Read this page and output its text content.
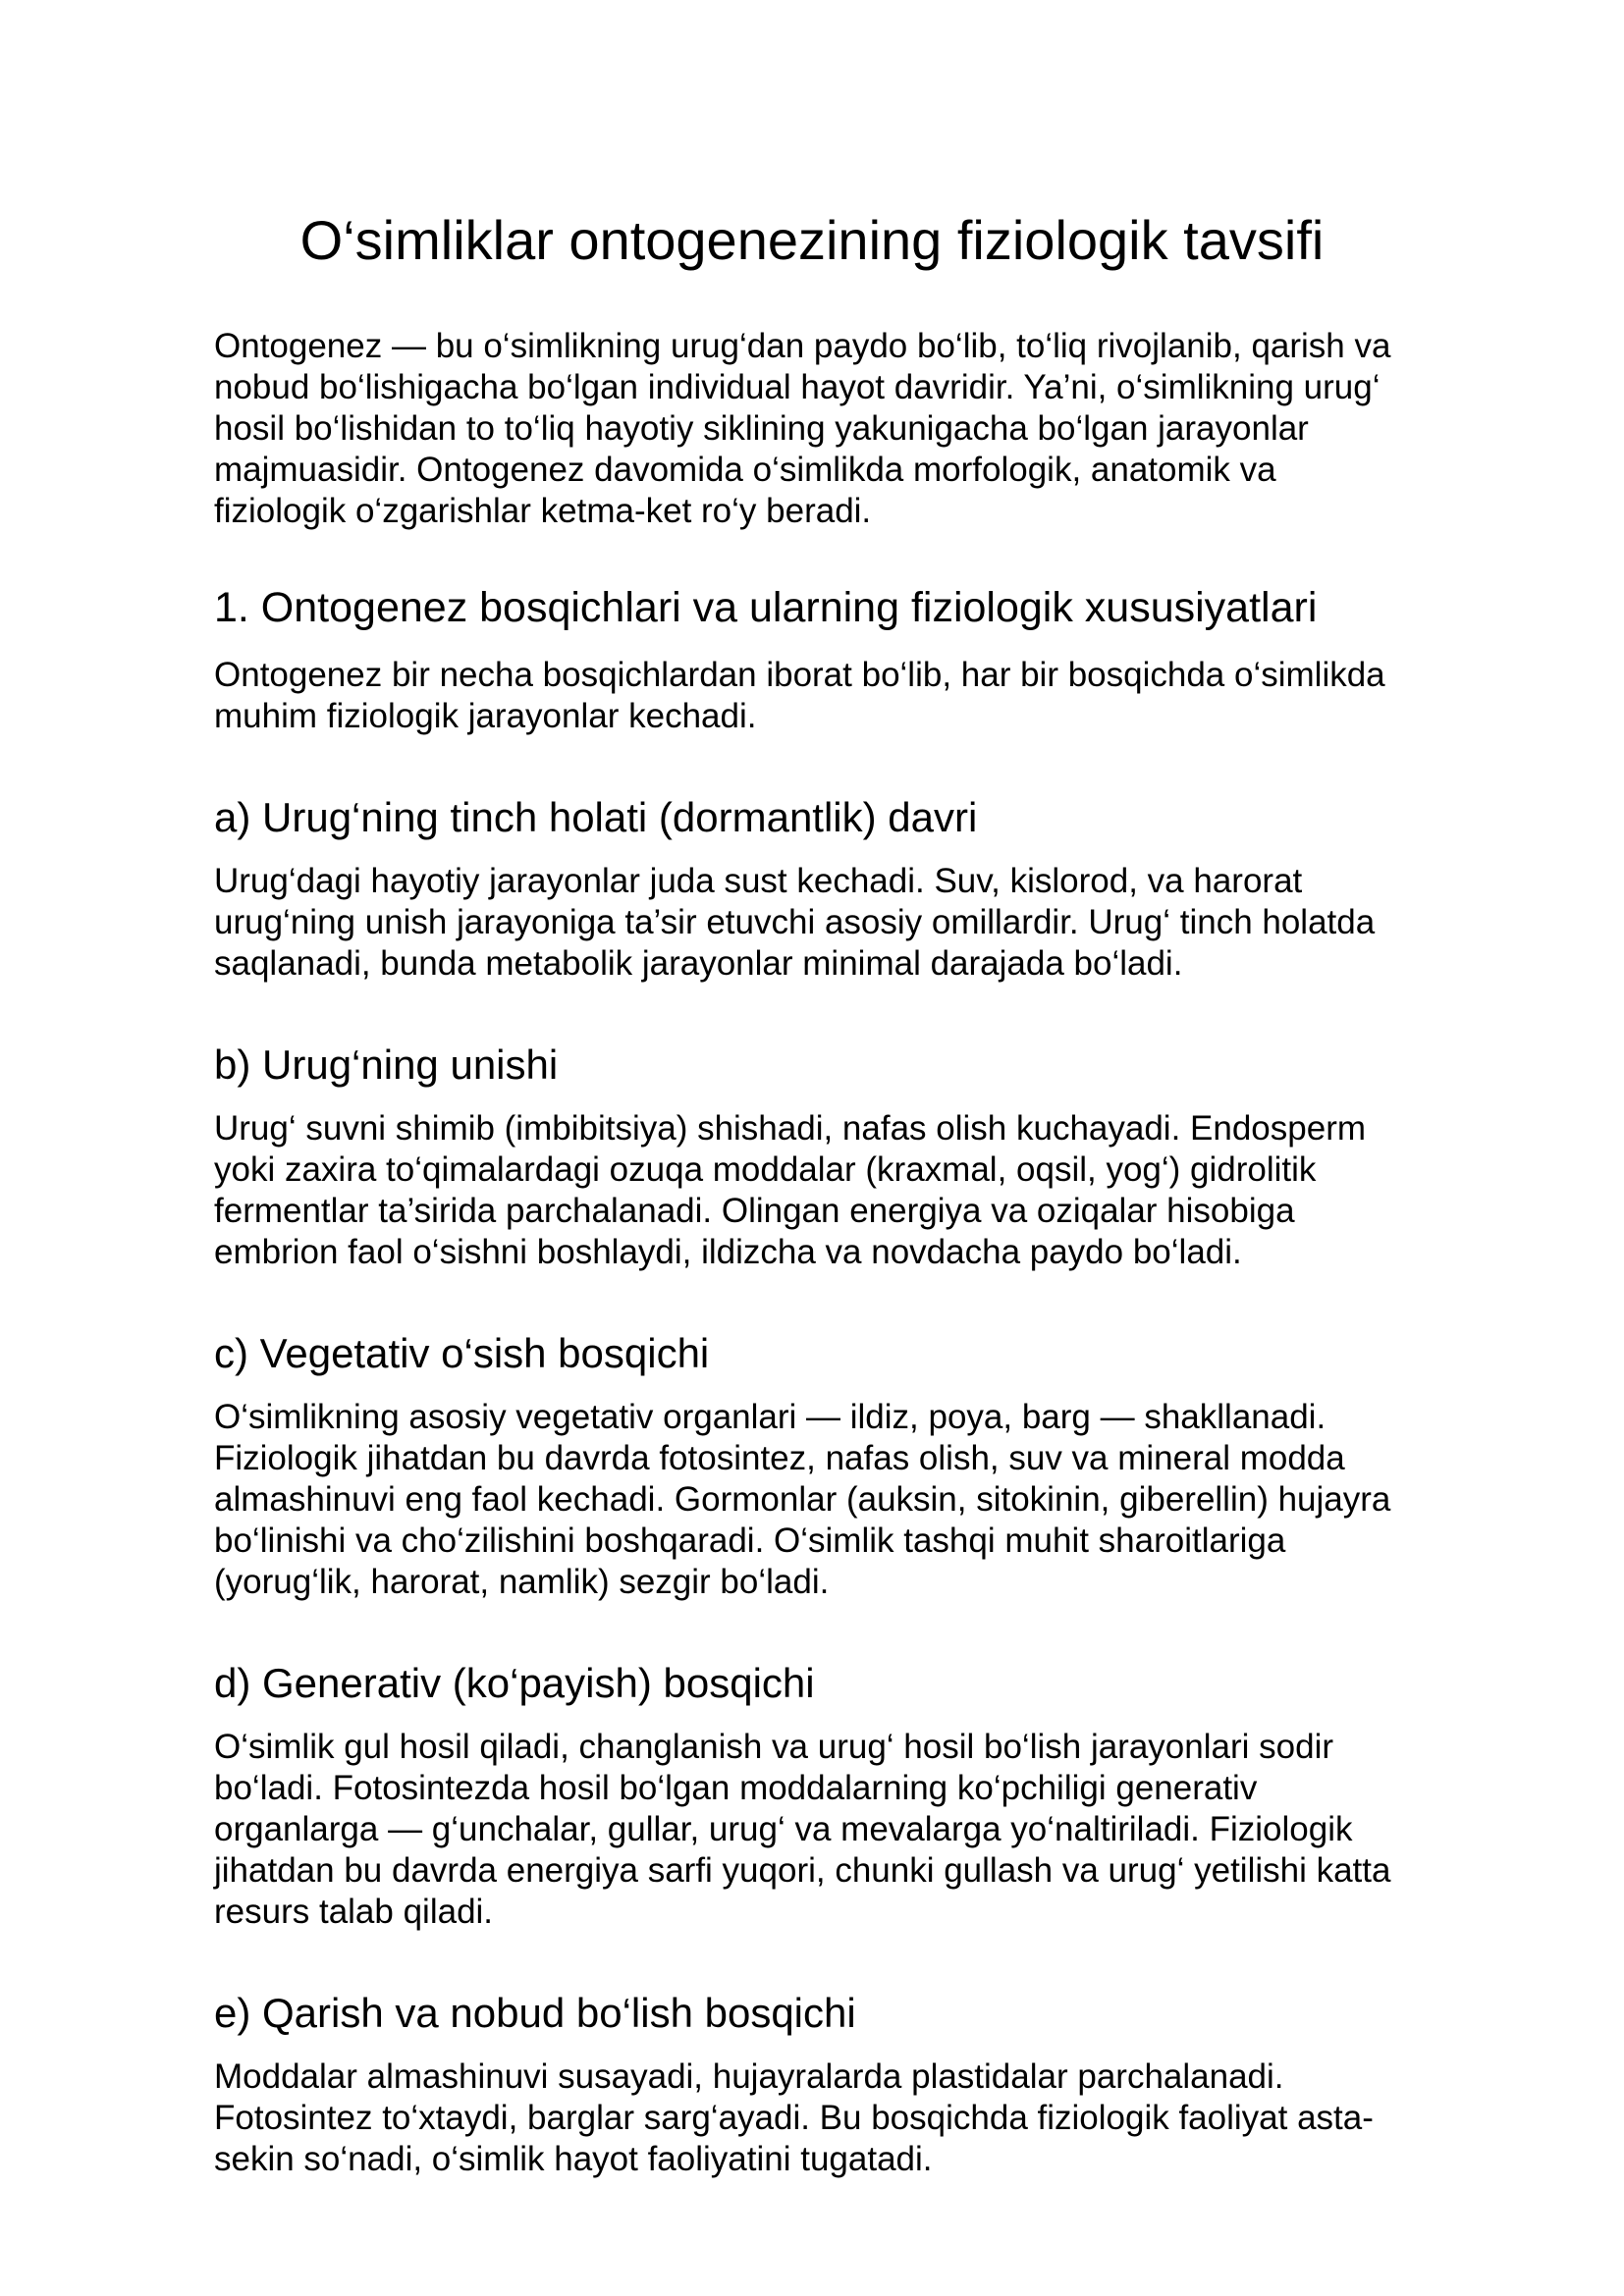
O‘simliklar ontogenezining fiziologik tavsifi

Ontogenez — bu o‘simlikning urug‘dan paydo bo‘lib, to‘liq rivojlanib, qarish va nobud bo‘lishigacha bo‘lgan individual hayot davridir. Ya’ni, o‘simlikning urug‘ hosil bo‘lishidan to to‘liq hayotiy siklining yakunigacha bo‘lgan jarayonlar majmuasidir. Ontogenez davomida o‘simlikda morfologik, anatomik va fiziologik o‘zgarishlar ketma-ket ro‘y beradi.

1. Ontogenez bosqichlari va ularning fiziologik xususiyatlari

Ontogenez bir necha bosqichlardan iborat bo‘lib, har bir bosqichda o‘simlikda muhim fiziologik jarayonlar kechadi.

a) Urug‘ning tinch holati (dormantlik) davri

Urug‘dagi hayotiy jarayonlar juda sust kechadi. Suv, kislorod, va harorat urug‘ning unish jarayoniga ta’sir etuvchi asosiy omillardir. Urug‘ tinch holatda saqlanadi, bunda metabolik jarayonlar minimal darajada bo‘ladi.

b) Urug‘ning unishi

Urug‘ suvni shimib (imbibitsiya) shishadi, nafas olish kuchayadi. Endosperm yoki zaxira to‘qimalardagi ozuqa moddalar (kraxmal, oqsil, yog‘) gidrolitik fermentlar ta’sirida parchalanadi. Olingan energiya va oziqalar hisobiga embrion faol o‘sishni boshlaydi, ildizcha va novdacha paydo bo‘ladi.

c) Vegetativ o‘sish bosqichi

O‘simlikning asosiy vegetativ organlari — ildiz, poya, barg — shakllanadi. Fiziologik jihatdan bu davrda fotosintez, nafas olish, suv va mineral modda almashinuvi eng faol kechadi. Gormonlar (auksin, sitokinin, giberellin) hujayra bo‘linishi va cho‘zilishini boshqaradi. O‘simlik tashqi muhit sharoitlariga (yorug‘lik, harorat, namlik) sezgir bo‘ladi.

d) Generativ (ko‘payish) bosqichi

O‘simlik gul hosil qiladi, changlanish va urug‘ hosil bo‘lish jarayonlari sodir bo‘ladi. Fotosintezda hosil bo‘lgan moddalarning ko‘pchiligi generativ organlarga — g‘unchalar, gullar, urug‘ va mevalarga yo‘naltiriladi. Fiziologik jihatdan bu davrda energiya sarfi yuqori, chunki gullash va urug‘ yetilishi katta resurs talab qiladi.

e) Qarish va nobud bo‘lish bosqichi

Moddalar almashinuvi susayadi, hujayralarda plastidalar parchalanadi. Fotosintez to‘xtaydi, barglar sarg‘ayadi. Bu bosqichda fiziologik faoliyat asta-sekin so‘nadi, o‘simlik hayot faoliyatini tugatadi.
